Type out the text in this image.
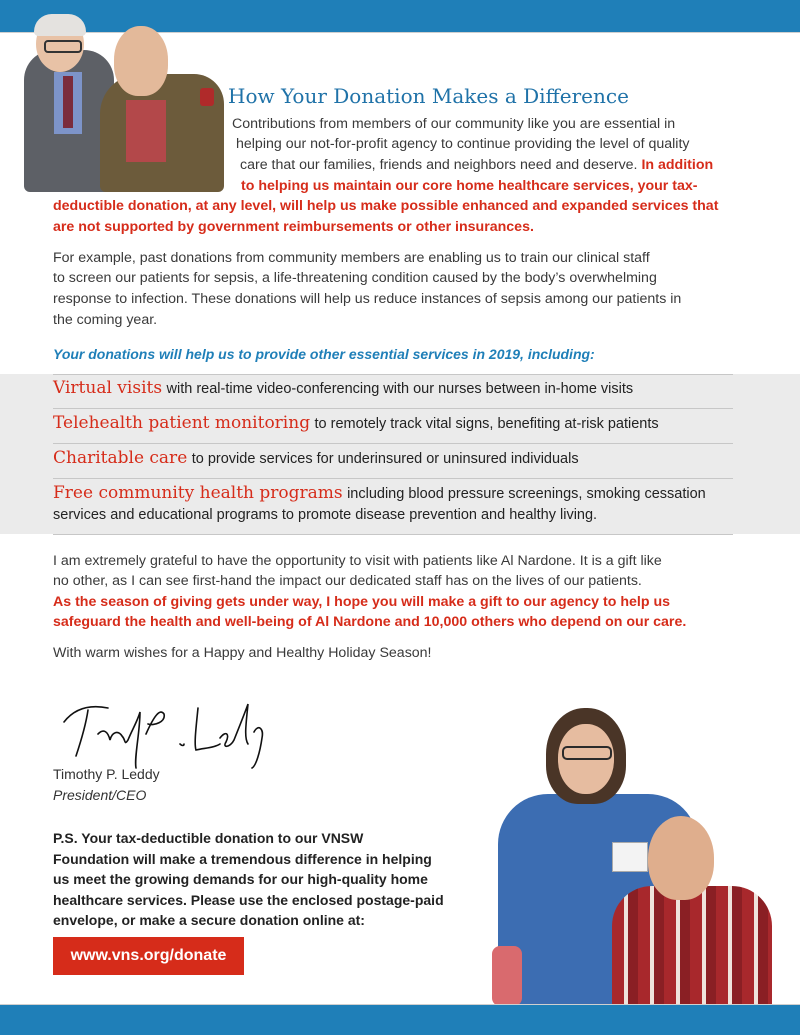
How Your Donation Makes a Difference
Contributions from members of our community like you are essential in
helping our not-for-profit agency to continue providing the level of quality
care that our families, friends and neighbors need and deserve. In addition
to helping us maintain our core home healthcare services, your tax-
deductible donation, at any level, will help us make possible enhanced and expanded services that
are not supported by government reimbursements or other insurances.
For example, past donations from community members are enabling us to train our clinical staff
to screen our patients for sepsis, a life-threatening condition caused by the body’s overwhelming
response to infection. These donations will help us reduce instances of sepsis among our patients in
the coming year.
Your donations will help us to provide other essential services in 2019, including:
Virtual visits with real-time video-conferencing with our nurses between in-home visits
Telehealth patient monitoring to remotely track vital signs, benefiting at-risk patients
Charitable care to provide services for underinsured or uninsured individuals
Free community health programs including blood pressure screenings, smoking cessation
services and educational programs to promote disease prevention and healthy living.
I am extremely grateful to have the opportunity to visit with patients like Al Nardone. It is a gift like
no other, as I can see first-hand the impact our dedicated staff has on the lives of our patients.
As the season of giving gets under way, I hope you will make a gift to our agency to help us
safeguard the health and well-being of Al Nardone and 10,000 others who depend on our care.
With warm wishes for a Happy and Healthy Holiday Season!
Timothy P. Leddy
President/CEO
P.S. Your tax-deductible donation to our VNSW
Foundation will make a tremendous difference in helping
us meet the growing demands for our high-quality home
healthcare services. Please use the enclosed postage-paid
envelope, or make a secure donation online at:
www.vns.org/donate
